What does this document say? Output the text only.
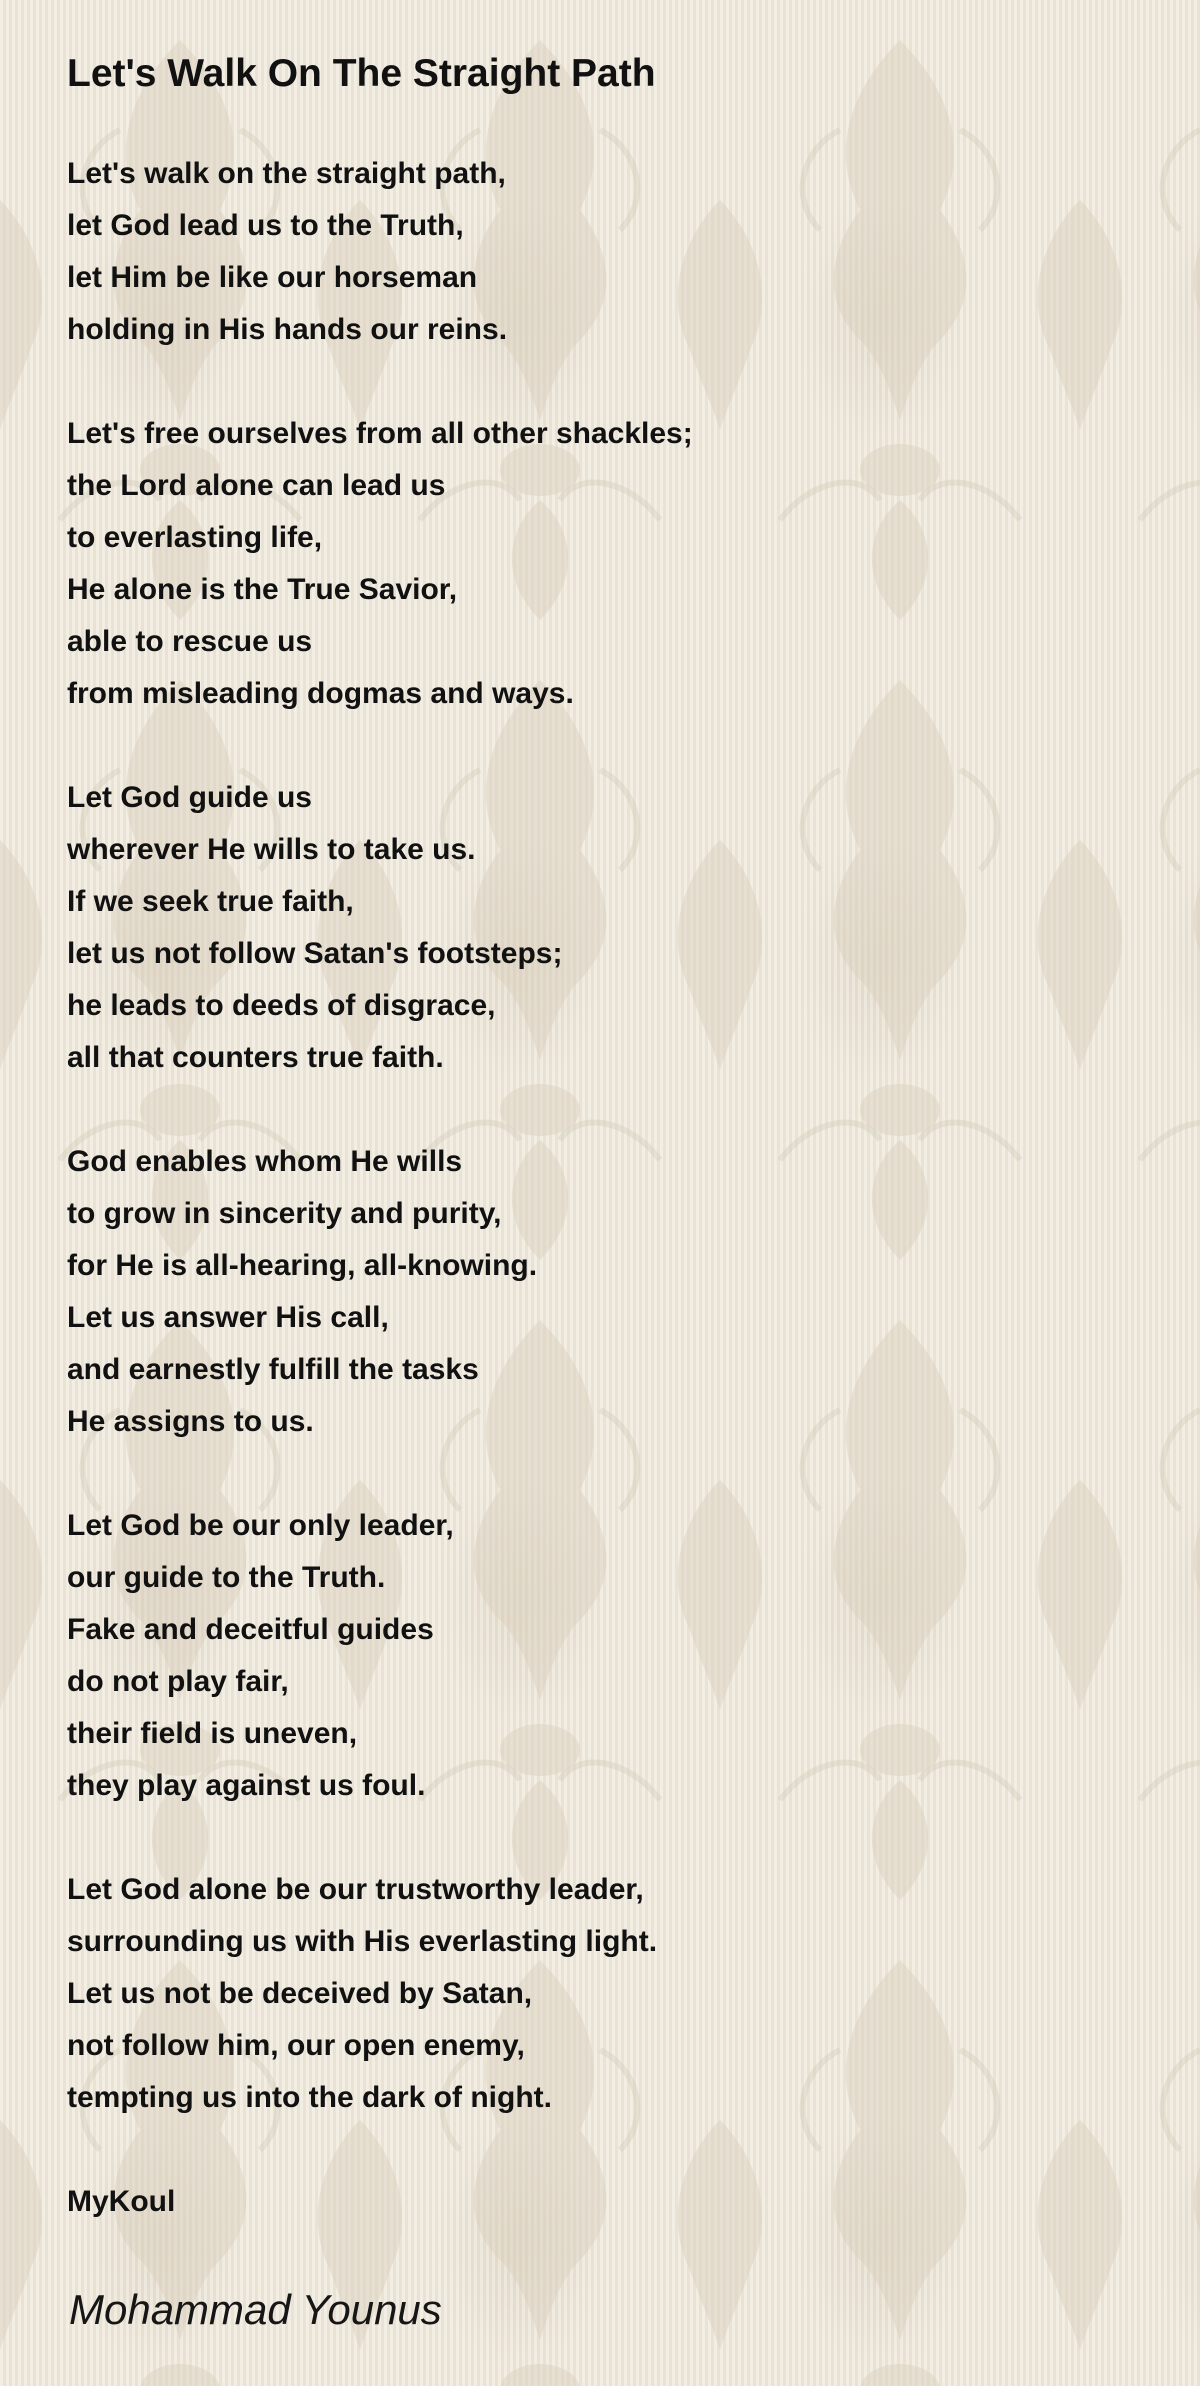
Let's Walk On The Straight Path
Let's walk on the straight path,
let God lead us to the Truth,
let Him be like our horseman
holding in His hands our reins.
Let's free ourselves from all other shackles;
the Lord alone can lead us
to everlasting life,
He alone is the True Savior,
able to rescue us
from misleading dogmas and ways.
Let God guide us
wherever He wills to take us.
If we seek true faith,
let us not follow Satan's footsteps;
he leads to deeds of disgrace,
all that counters true faith.
God enables whom He wills
to grow in sincerity and purity,
for He is all-hearing, all-knowing.
Let us answer His call,
and earnestly fulfill the tasks
He assigns to us.
Let God be our only leader,
our guide to the Truth.
Fake and deceitful guides
do not play fair,
their field is uneven,
they play against us foul.
Let God alone be our trustworthy leader,
surrounding us with His everlasting light.
Let us not be deceived by Satan,
not follow him, our open enemy,
tempting us into the dark of night.
MyKoul
Mohammad Younus
